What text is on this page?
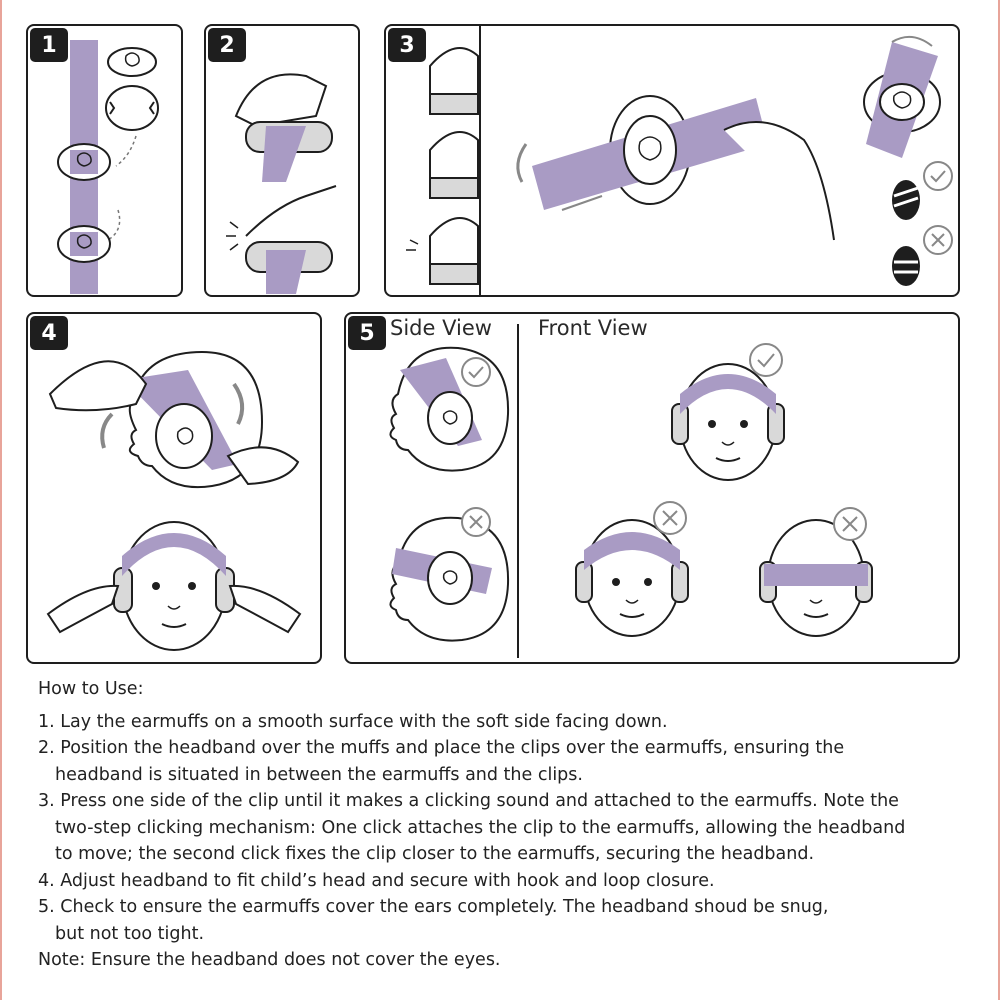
1	2	3
4	5 Side View Front View
How to Use:
1. Lay the earmuffs on a smooth surface with the soft side facing down.
2. Position the headband over the muffs and place the clips over the earmuffs, ensuring the
headband is situated in between the earmuffs and the clips.
3. Press one side of the clip until it makes a clicking sound and attached to the earmuffs. Note the
two-step clicking mechanism: One click attaches the clip to the earmuffs, allowing the headband
to move; the second click fixes the clip closer to the earmuffs, securing the headband.
4. Adjust headband to fit child’s head and secure with hook and loop closure.
5. Check to ensure the earmuffs cover the ears completely. The headband shoud be snug,
but not too tight.
Note: Ensure the headband does not cover the eyes.
